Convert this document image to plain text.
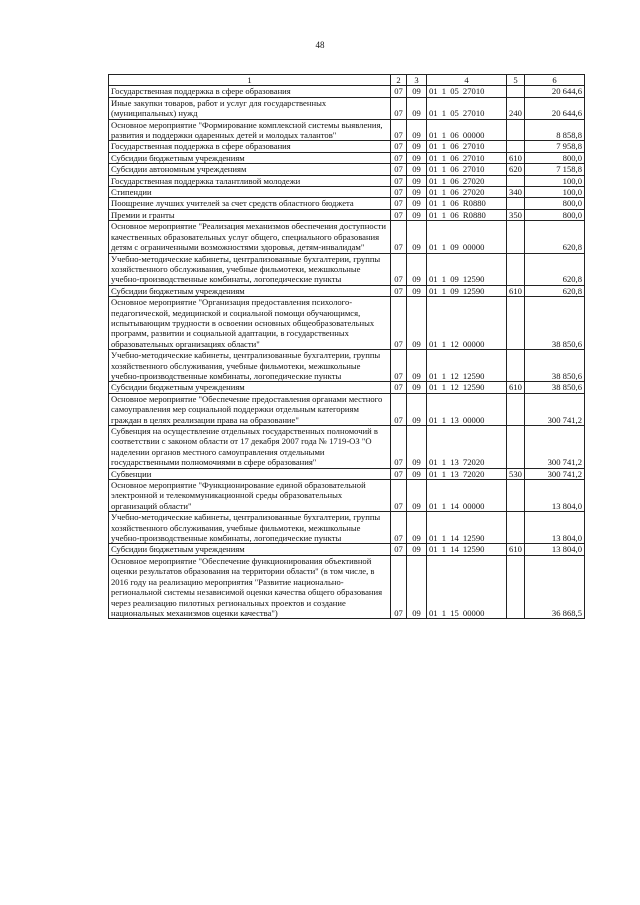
48
1	2	3	4	5	6
Государственная поддержка в сфере образования	07	09	01 1 05 27010		20 644,6
Иные закупки товаров, работ и услуг для государственных (муниципальных) нужд	07	09	01 1 05 27010	240	20 644,6
Основное мероприятие "Формирование комплексной системы выявления, развития и поддержки одаренных детей и молодых талантов"	07	09	01 1 06 00000		8 858,8
Государственная поддержка в сфере образования	07	09	01 1 06 27010		7 958,8
Субсидии бюджетным учреждениям	07	09	01 1 06 27010	610	800,0
Субсидии автономным учреждениям	07	09	01 1 06 27010	620	7 158,8
Государственная поддержка талантливой молодежи	07	09	01 1 06 27020		100,0
Стипендии	07	09	01 1 06 27020	340	100,0
Поощрение лучших учителей за счет средств областного бюджета	07	09	01 1 06 R0880		800,0
Премии и гранты	07	09	01 1 06 R0880	350	800,0
Основное мероприятие "Реализация механизмов обеспечения доступности качественных образовательных услуг общего, специального образования детям с ограниченными возможностями здоровья, детям-инвалидам"	07	09	01 1 09 00000		620,8
Учебно-методические кабинеты, централизованные бухгалтерии, группы хозяйственного обслуживания, учебные фильмотеки, межшкольные учебно-производственные комбинаты, логопедические пункты	07	09	01 1 09 12590		620,8
Субсидии бюджетным учреждениям	07	09	01 1 09 12590	610	620,8
Основное мероприятие "Организация предоставления психолого-педагогической, медицинской и социальной помощи обучающимся, испытывающим трудности в освоении основных общеобразовательных программ, развитии и социальной адаптации, в государственных образовательных организациях области"	07	09	01 1 12 00000		38 850,6
Учебно-методические кабинеты, централизованные бухгалтерии, группы хозяйственного обслуживания, учебные фильмотеки, межшкольные учебно-производственные комбинаты, логопедические пункты	07	09	01 1 12 12590		38 850,6
Субсидии бюджетным учреждениям	07	09	01 1 12 12590	610	38 850,6
Основное мероприятие "Обеспечение предоставления органами местного самоуправления мер социальной поддержки отдельным категориям граждан в целях реализации права на образование"	07	09	01 1 13 00000		300 741,2
Субвенция на осуществление отдельных государственных полномочий в соответствии с законом области от 17 декабря 2007 года № 1719-ОЗ "О наделении органов местного самоуправления отдельными государственными полномочиями в сфере образования"	07	09	01 1 13 72020		300 741,2
Субвенции	07	09	01 1 13 72020	530	300 741,2
Основное мероприятие "Функционирование единой образовательной электронной и телекоммуникационной среды образовательных организаций области"	07	09	01 1 14 00000		13 804,0
Учебно-методические кабинеты, централизованные бухгалтерии, группы хозяйственного обслуживания, учебные фильмотеки, межшкольные учебно-производственные комбинаты, логопедические пункты	07	09	01 1 14 12590		13 804,0
Субсидии бюджетным учреждениям	07	09	01 1 14 12590	610	13 804,0
Основное мероприятие "Обеспечение функционирования объективной оценки результатов образования на территории области" (в том числе, в 2016 году на реализацию мероприятия "Развитие национально-региональной системы независимой оценки качества общего образования через реализацию пилотных региональных проектов и создание национальных механизмов оценки качества")	07	09	01 1 15 00000		36 868,5
